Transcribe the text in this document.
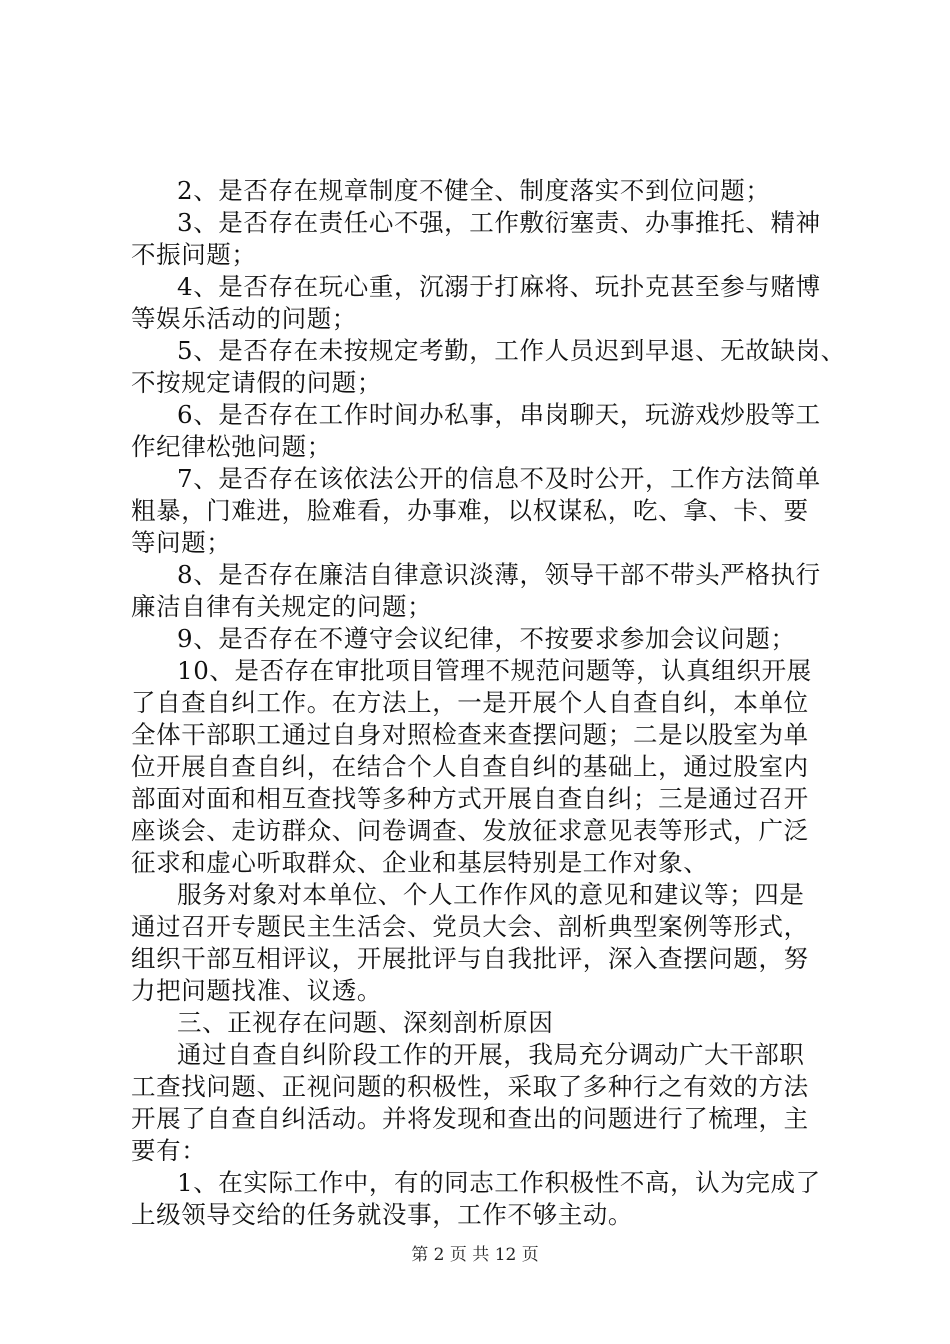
2、是否存在规章制度不健全、制度落实不到位问题；
3、是否存在责任心不强，工作敷衍塞责、办事推托、精神
不振问题；
4、是否存在玩心重，沉溺于打麻将、玩扑克甚至参与赌博
等娱乐活动的问题；
5、是否存在未按规定考勤，工作人员迟到早退、无故缺岗、
不按规定请假的问题；
6、是否存在工作时间办私事，串岗聊天，玩游戏炒股等工
作纪律松弛问题；
7、是否存在该依法公开的信息不及时公开，工作方法简单
粗暴，门难进，脸难看，办事难，以权谋私，吃、拿、卡、要
等问题；
8、是否存在廉洁自律意识淡薄，领导干部不带头严格执行
廉洁自律有关规定的问题；
9、是否存在不遵守会议纪律，不按要求参加会议问题；
10、是否存在审批项目管理不规范问题等，认真组织开展
了自查自纠工作。在方法上，一是开展个人自查自纠，本单位
全体干部职工通过自身对照检查来查摆问题；二是以股室为单
位开展自查自纠，在结合个人自查自纠的基础上，通过股室内
部面对面和相互查找等多种方式开展自查自纠；三是通过召开
座谈会、走访群众、问卷调查、发放征求意见表等形式，广泛
征求和虚心听取群众、企业和基层特别是工作对象、
服务对象对本单位、个人工作作风的意见和建议等；四是
通过召开专题民主生活会、党员大会、剖析典型案例等形式，
组织干部互相评议，开展批评与自我批评，深入查摆问题，努
力把问题找准、议透。
三、正视存在问题、深刻剖析原因
通过自查自纠阶段工作的开展，我局充分调动广大干部职
工查找问题、正视问题的积极性，采取了多种行之有效的方法
开展了自查自纠活动。并将发现和查出的问题进行了梳理，主
要有：
1、在实际工作中，有的同志工作积极性不高，认为完成了
上级领导交给的任务就没事，工作不够主动。
第 2 页 共 12 页
